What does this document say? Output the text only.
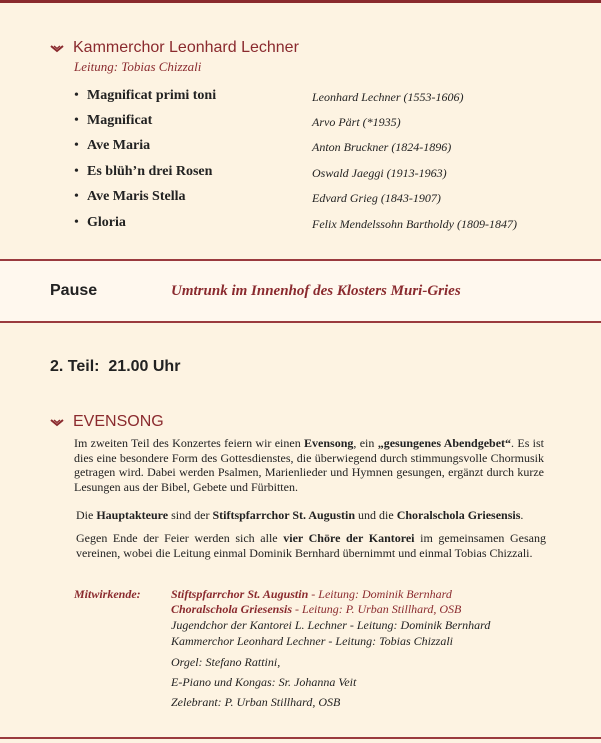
Kammerchor Leonhard Lechner
Leitung: Tobias Chizzali
• Magnificat primi toni	Leonhard Lechner (1553-1606)
• Magnificat	Arvo Pärt (*1935)
• Ave Maria	Anton Bruckner (1824-1896)
• Es blüh’n drei Rosen	Oswald Jaeggi (1913-1963)
• Ave Maris Stella	Edvard Grieg (1843-1907)
• Gloria	Felix Mendelssohn Bartholdy (1809-1847)
Pause	Umtrunk im Innenhof des Klosters Muri-Gries
2. Teil: 21.00 Uhr
EVENSONG
Im zweiten Teil des Konzertes feiern wir einen Evensong, ein „gesungenes Abendgebet“. Es ist dies eine besondere Form des Gottesdienstes, die überwiegend durch stimmungsvolle Chormusik getragen wird. Dabei werden Psalmen, Marienlieder und Hymnen gesungen, ergänzt durch kurze Lesungen aus der Bibel, Gebete und Fürbitten.
Die Hauptakteure sind der Stiftspfarrchor St. Augustin und die Choralschola Griesensis.
Gegen Ende der Feier werden sich alle vier Chöre der Kantorei im gemeinsamen Gesang vereinen, wobei die Leitung einmal Dominik Bernhard übernimmt und einmal Tobias Chizzali.
Mitwirkende:	Stiftspfarrchor St. Augustin - Leitung: Dominik Bernhard
Choralschola Griesensis - Leitung: P. Urban Stillhard, OSB
Jugendchor der Kantorei L. Lechner - Leitung: Dominik Bernhard
Kammerchor Leonhard Lechner - Leitung: Tobias Chizzali
Orgel: Stefano Rattini,
E-Piano und Kongas: Sr. Johanna Veit
Zelebrant: P. Urban Stillhard, OSB
